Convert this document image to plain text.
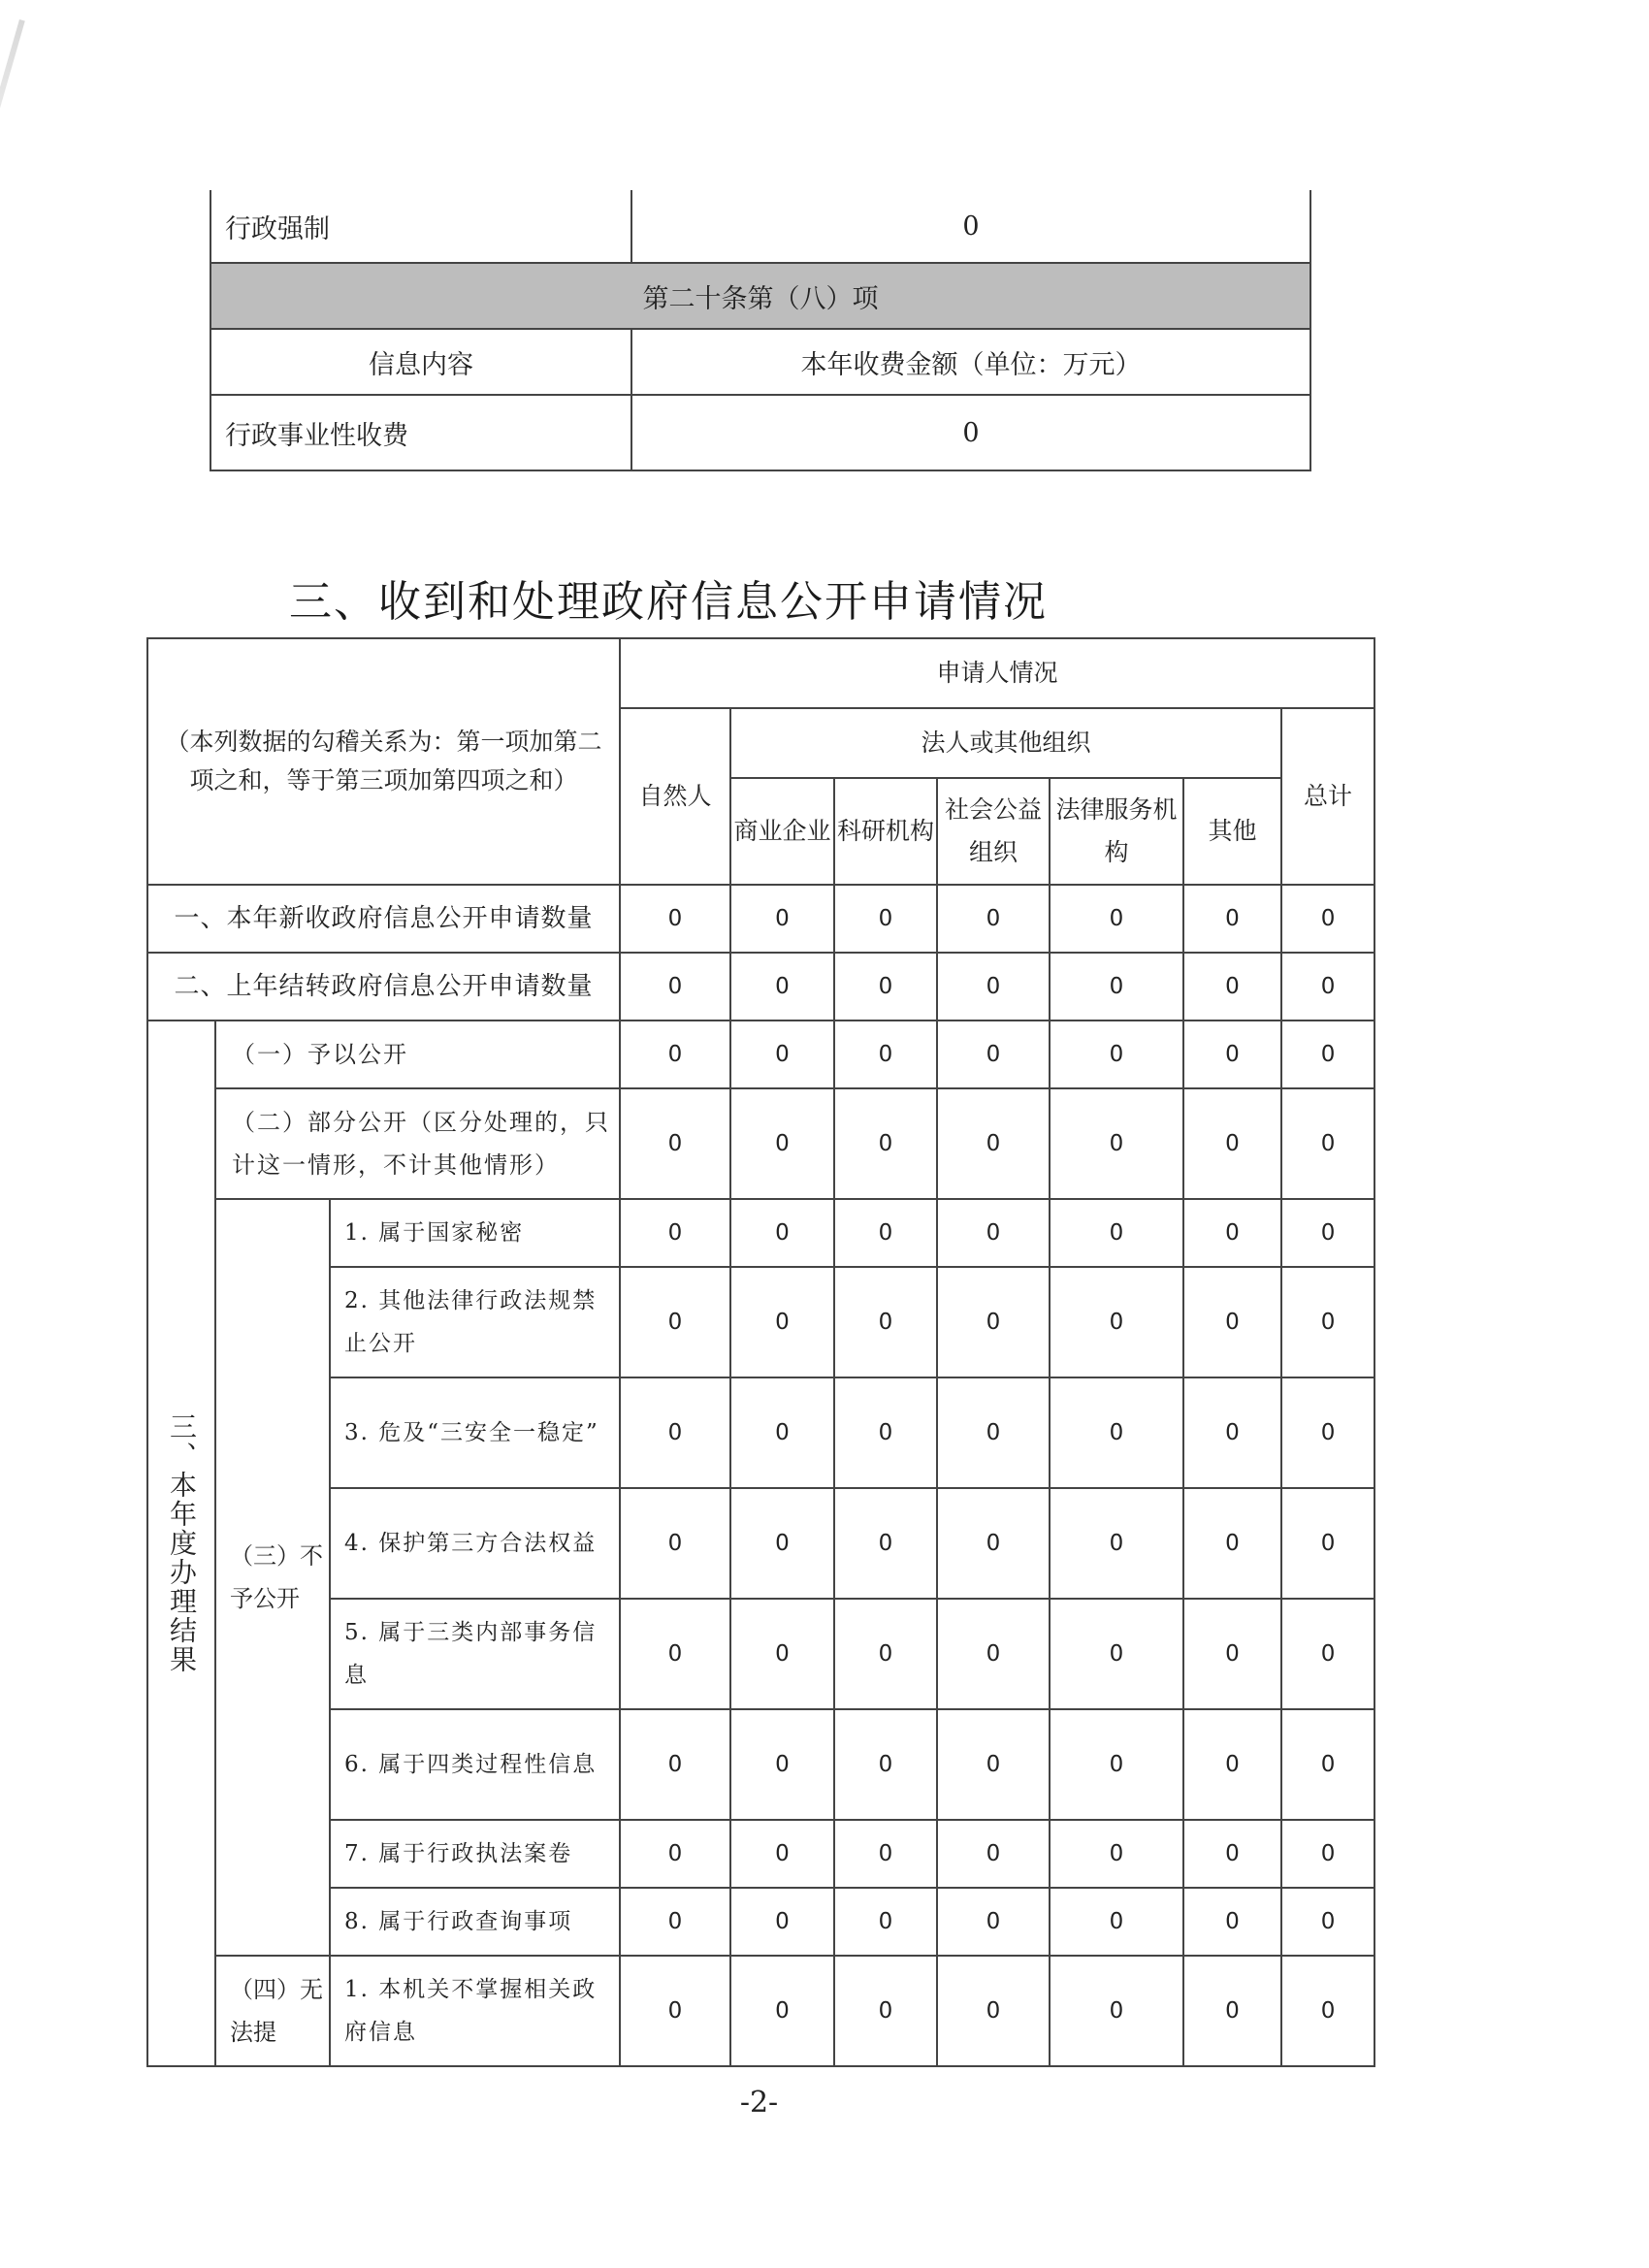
行政强制	0
第二十条第（八）项	
信息内容	本年收费金额（单位：万元）
行政事业性收费	0
三、收到和处理政府信息公开申请情况
（本列数据的勾稽关系为：第一项加第二项之和，等于第三项加第四项之和）			申请人情况						
			自然人	法人或其他组织					总计
				商业企业	科研机构	社会公益组织	法律服务机构	其他	
一、本年新收政府信息公开申请数量			0	0	0	0	0	0	0
二、上年结转政府信息公开申请数量			0	0	0	0	0	0	0
三、本年度办理结果	（一）予以公开		0	0	0	0	0	0	0
	（二）部分公开（区分处理的，只计这一情形，不计其他情形）		0	0	0	0	0	0	0
	（三）不予公开	1. 属于国家秘密	0	0	0	0	0	0	0
		2. 其他法律行政法规禁止公开	0	0	0	0	0	0	0
		3. 危及“三安全一稳定”	0	0	0	0	0	0	0
		4. 保护第三方合法权益	0	0	0	0	0	0	0
		5. 属于三类内部事务信息	0	0	0	0	0	0	0
		6. 属于四类过程性信息	0	0	0	0	0	0	0
		7. 属于行政执法案卷	0	0	0	0	0	0	0
		8. 属于行政查询事项	0	0	0	0	0	0	0
	（四）无法提	1. 本机关不掌握相关政府信息	0	0	0	0	0	0	0
-2-
